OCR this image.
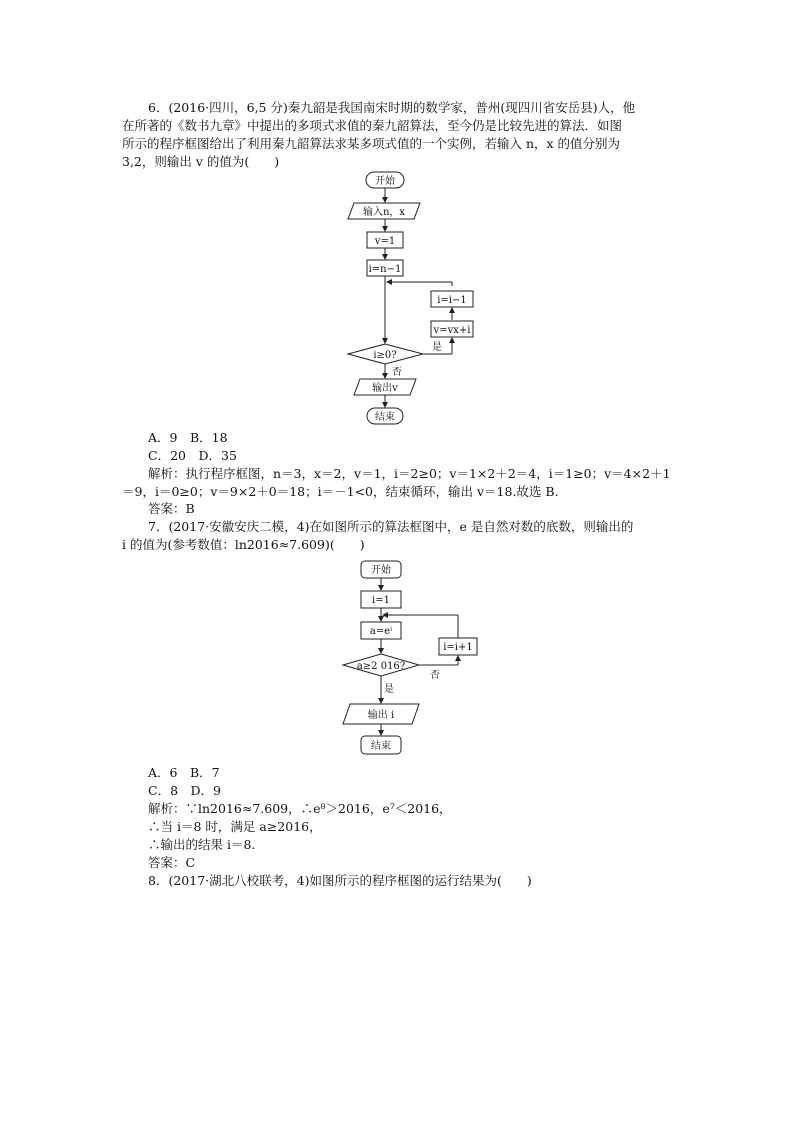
6．(2016·四川，6,5 分)秦九韶是我国南宋时期的数学家，普州(现四川省安岳县)人，他
在所著的《数书九章》中提出的多项式求值的秦九韶算法，至今仍是比较先进的算法．如图
所示的程序框图给出了利用秦九韶算法求某多项式值的一个实例，若输入 n，x 的值分别为
3,2，则输出 v 的值为(　　)
开始
输入n，x
v=1
i=n−1
i=i−1
v=vx+i
是
i≥0?
否
输出v
结束
A．9　B．18
C．20　D．35
解析：执行程序框图，n＝3，x＝2，v＝1，i＝2≥0；v＝1×2＋2＝4，i＝1≥0；v＝4×2＋1
＝9，i＝0≥0；v＝9×2＋0＝18；i＝－1<0，结束循环，输出 v＝18.故选 B.
答案：B
7．(2017·安徽安庆二模，4)在如图所示的算法框图中，e 是自然对数的底数，则输出的
i 的值为(参考数值：ln2016≈7.609)(　　)
开始
i=1
a=eⁱ
i=i+1
否
a≥2 016?
是
输出 i
结束
A．6　B．7
C．8　D．9
解析：∵ln2016≈7.609，∴e⁸＞2016，e⁷＜2016，
∴当 i＝8 时，满足 a≥2016，
∴输出的结果 i＝8.
答案：C
8．(2017·湖北八校联考，4)如图所示的程序框图的运行结果为(　　)
